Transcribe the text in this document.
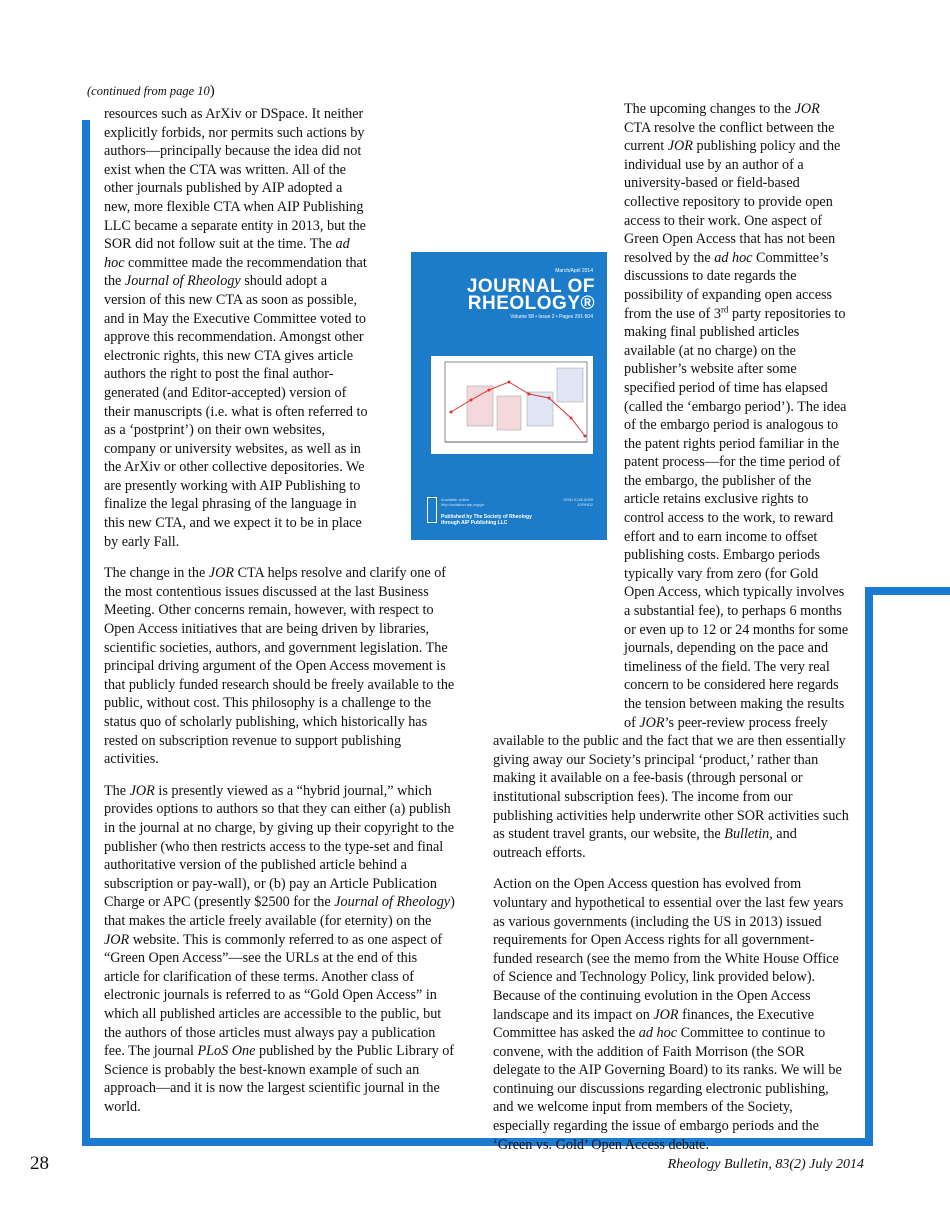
(continued from page 10)

resources such as ArXiv or DSpace. It neither explicitly forbids, nor permits such actions by authors—principally because the idea did not exist when the CTA was written. All of the other journals published by AIP adopted a new, more flexible CTA when AIP Publishing LLC became a separate entity in 2013, but the SOR did not follow suit at the time. The ad hoc committee made the recommendation that the Journal of Rheology should adopt a version of this new CTA as soon as possible, and in May the Executive Committee voted to approve this recommendation. Amongst other electronic rights, this new CTA gives article authors the right to post the final author-generated (and Editor-accepted) version of their manuscripts (i.e. what is often referred to as a ‘postprint’) on their own websites, company or university websites, as well as in the ArXiv or other collective depositories. We are presently working with AIP Publishing to finalize the legal phrasing of the language in this new CTA, and we expect it to be in place by early Fall.

The change in the JOR CTA helps resolve and clarify one of the most contentious issues discussed at the last Business Meeting. Other concerns remain, however, with respect to Open Access initiatives that are being driven by libraries, scientific societies, authors, and government legislation. The principal driving argument of the Open Access movement is that publicly funded research should be freely available to the public, without cost. This philosophy is a challenge to the status quo of scholarly publishing, which historically has rested on subscription revenue to support publishing activities.

The JOR is presently viewed as a “hybrid journal,” which provides options to authors so that they can either (a) publish in the journal at no charge, by giving up their copyright to the publisher (who then restricts access to the type-set and final authoritative version of the published article behind a subscription or pay-wall), or (b) pay an Article Publication Charge or APC (presently $2500 for the Journal of Rheology) that makes the article freely available (for eternity) on the JOR website. This is commonly referred to as one aspect of “Green Open Access”—see the URLs at the end of this article for clarification of these terms. Another class of electronic journals is referred to as “Gold Open Access” in which all published articles are accessible to the public, but the authors of those articles must always pay a publication fee. The journal PLoS One published by the Public Library of Science is probably the best-known example of such an approach—and it is now the largest scientific journal in the world.

March/April 2014
JOURNAL OF
RHEOLOGY®
Volume 58 • Issue 2 • Pages 291-504
Available online
http://scitation.aip.org/jor
ISSN 0148-6055
JORHD2
Published by The Society of Rheology
through AIP Publishing LLC

The upcoming changes to the JOR CTA resolve the conflict between the current JOR publishing policy and the individual use by an author of a university-based or field-based collective repository to provide open access to their work. One aspect of Green Open Access that has not been resolved by the ad hoc Committee’s discussions to date regards the possibility of expanding open access from the use of 3rd party repositories to making final published articles available (at no charge) on the publisher’s website after some specified period of time has elapsed (called the ‘embargo period’). The idea of the embargo period is analogous to the patent rights period familiar in the patent process—for the time period of the embargo, the publisher of the article retains exclusive rights to control access to the work, to reward effort and to earn income to offset publishing costs. Embargo periods typically vary from zero (for Gold Open Access, which typically involves a substantial fee), to perhaps 6 months or even up to 12 or 24 months for some journals, depending on the pace and timeliness of the field. The very real concern to be considered here regards the tension between making the results of JOR’s peer-review process freely available to the public and the fact that we are then essentially giving away our Society’s principal ‘product,’ rather than making it available on a fee-basis (through personal or institutional subscription fees). The income from our publishing activities help underwrite other SOR activities such as student travel grants, our website, the Bulletin, and outreach efforts.

Action on the Open Access question has evolved from voluntary and hypothetical to essential over the last few years as various governments (including the US in 2013) issued requirements for Open Access rights for all government-funded research (see the memo from the White House Office of Science and Technology Policy, link provided below). Because of the continuing evolution in the Open Access landscape and its impact on JOR finances, the Executive Committee has asked the ad hoc Committee to continue to convene, with the addition of Faith Morrison (the SOR delegate to the AIP Governing Board) to its ranks. We will be continuing our discussions regarding electronic publishing, and we welcome input from members of the Society, especially regarding the issue of embargo periods and the ‘Green vs. Gold’ Open Access debate.

28	Rheology Bulletin, 83(2) July 2014
